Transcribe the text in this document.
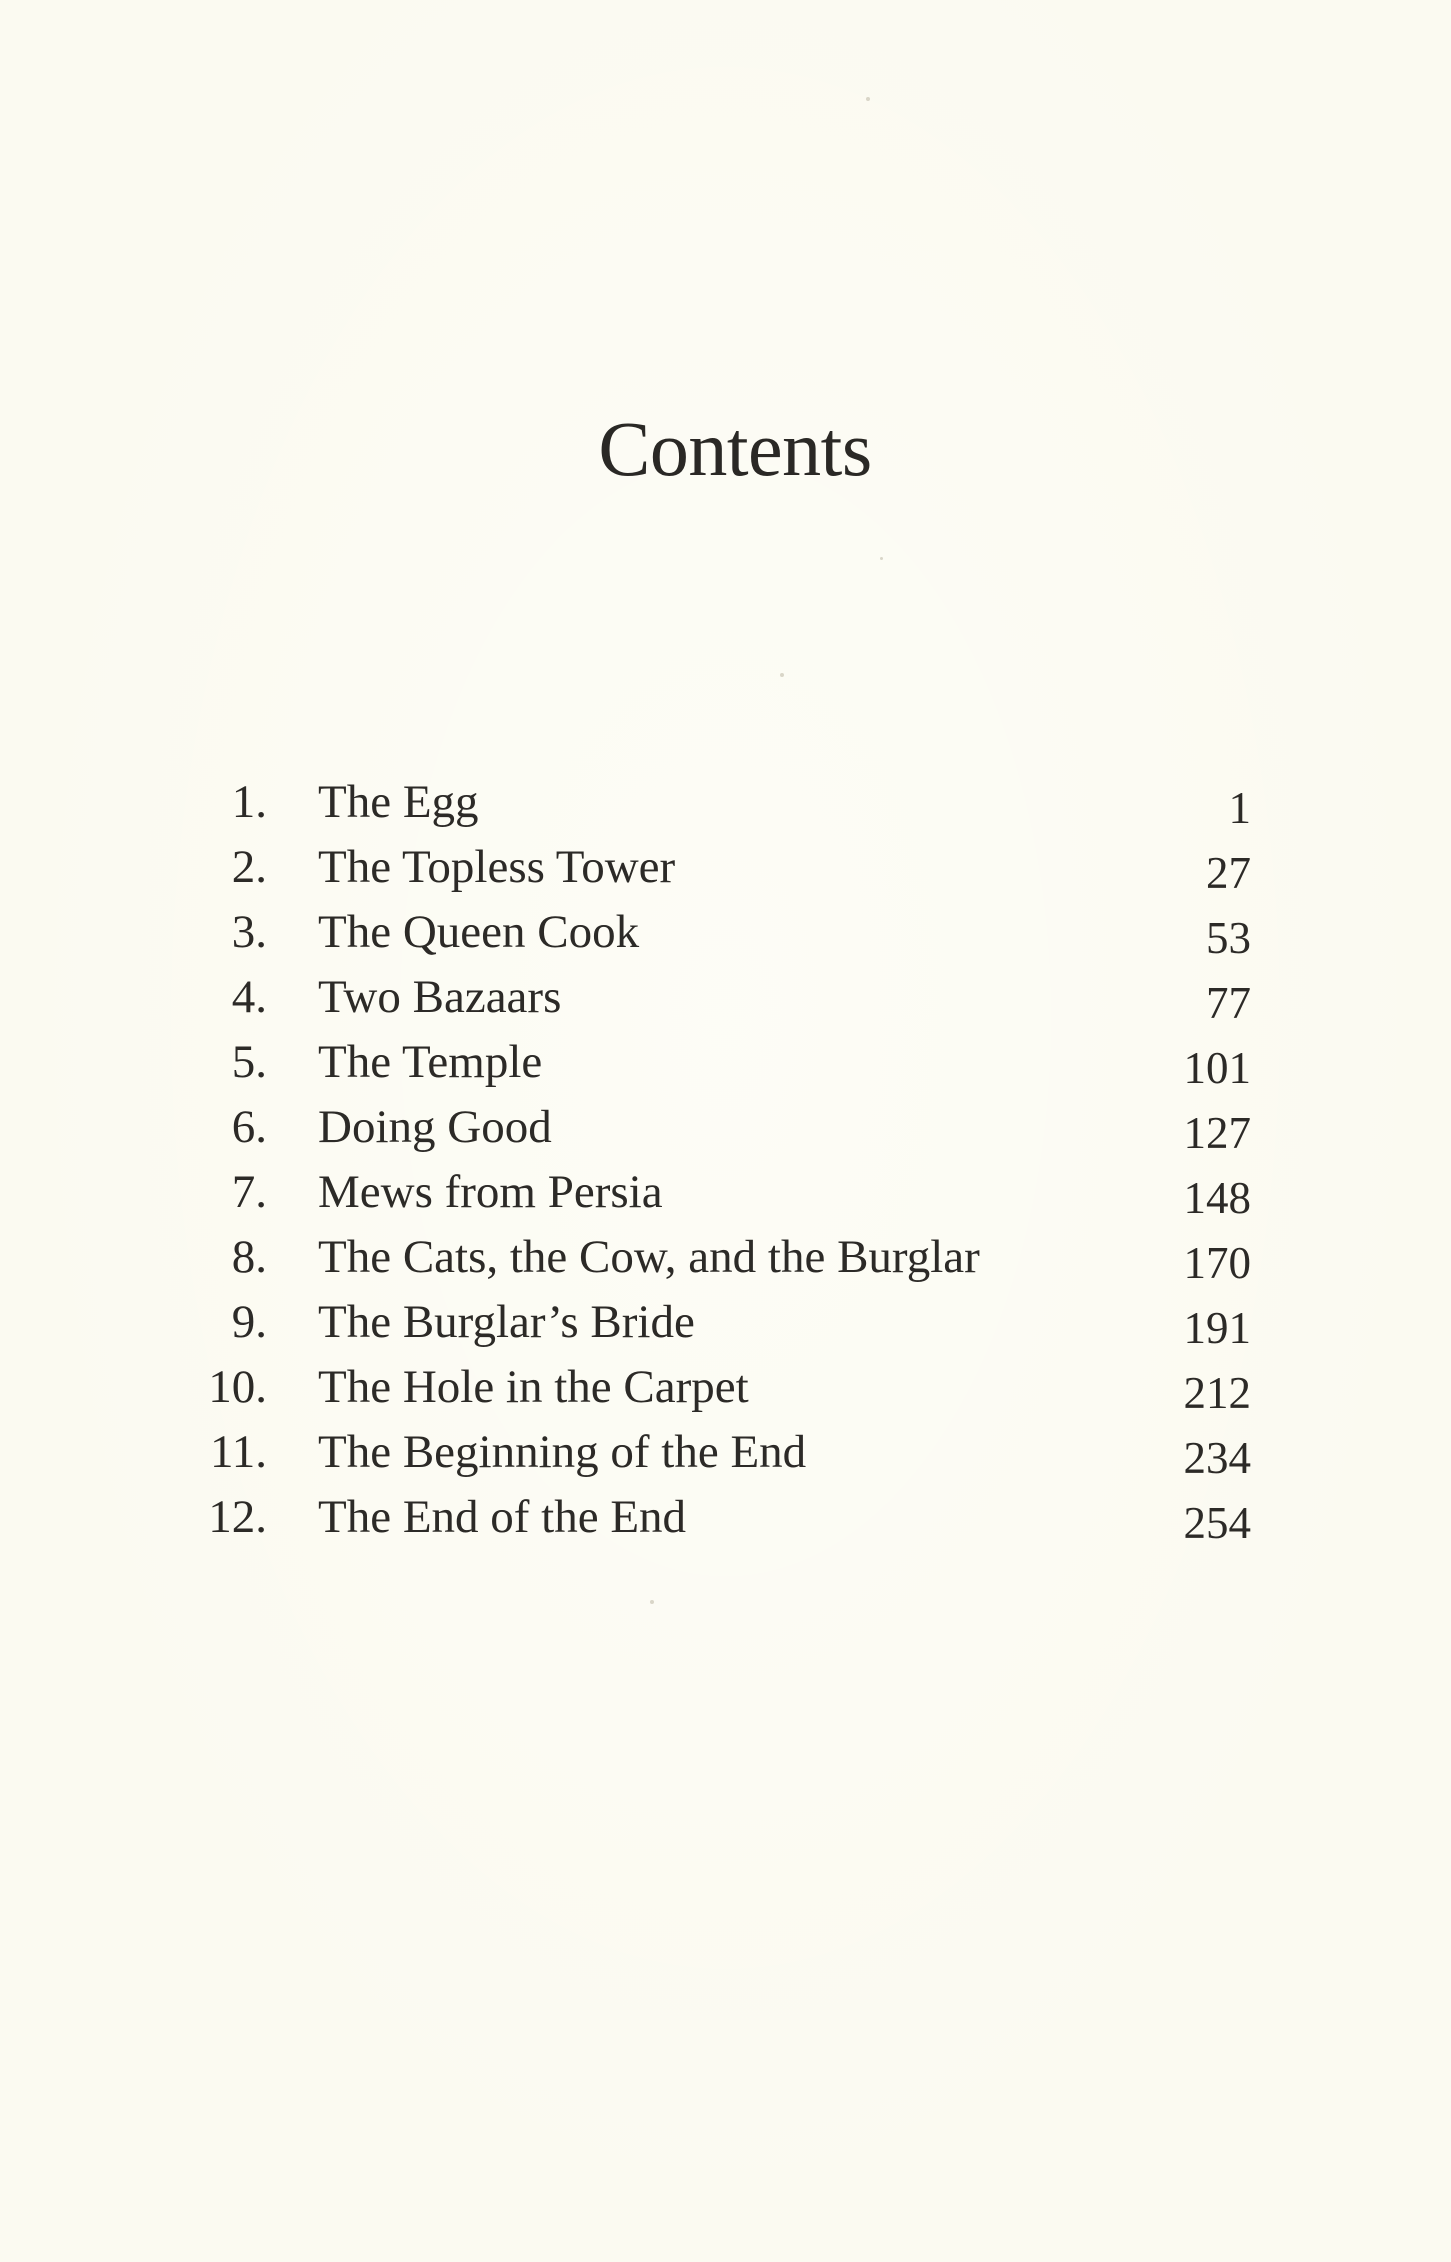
Contents
1. The Egg	1
2. The Topless Tower	27
3. The Queen Cook	53
4. Two Bazaars	77
5. The Temple	101
6. Doing Good	127
7. Mews from Persia	148
8. The Cats, the Cow, and the Burglar	170
9. The Burglar’s Bride	191
10. The Hole in the Carpet	212
11. The Beginning of the End	234
12. The End of the End	254
